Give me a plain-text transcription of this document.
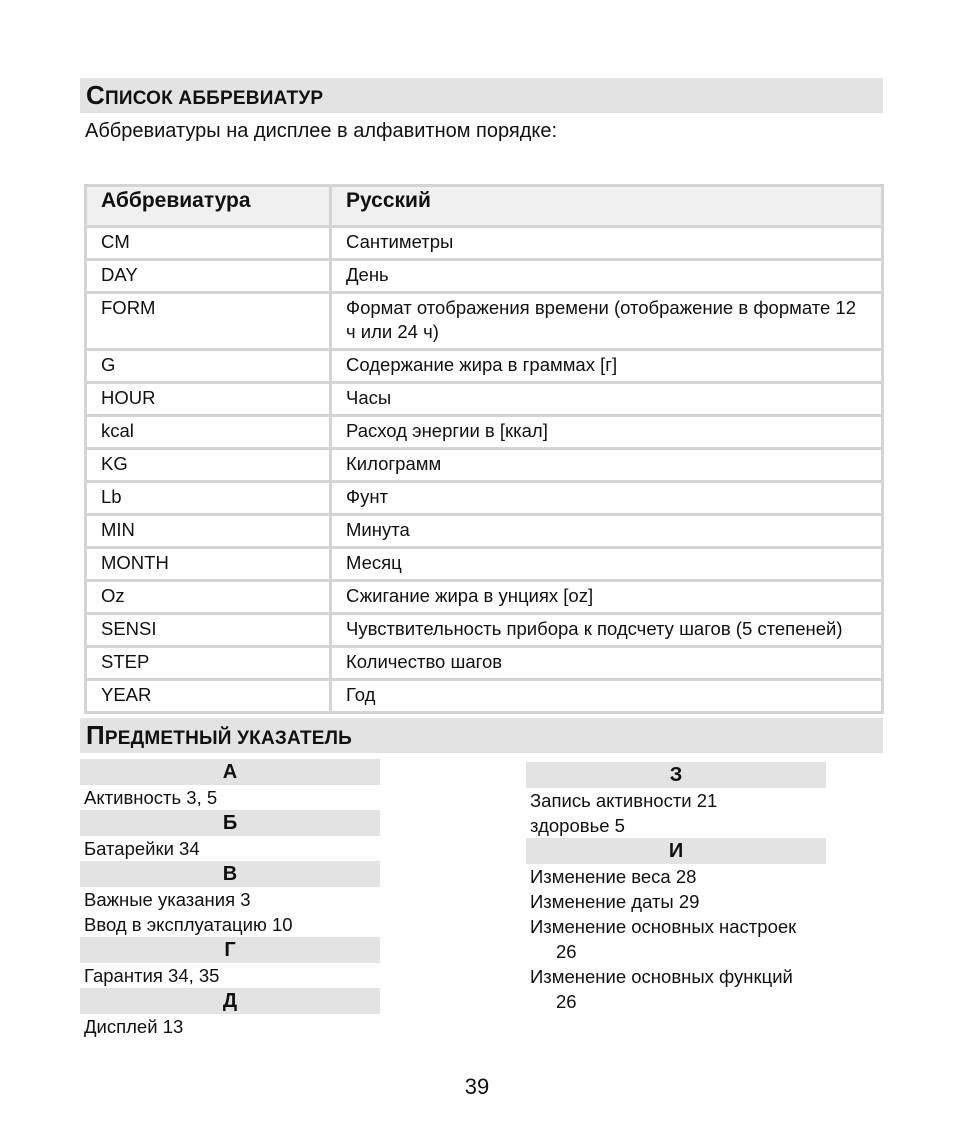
СПИСОК АББРЕВИАТУР
Аббревиатуры на дисплее в алфавитном порядке:
Аббревиатура	Русский
CM	Сантиметры
DAY	День
FORM	Формат отображения времени (отображение в формате 12 ч или 24 ч)
G	Содержание жира в граммах [г]
HOUR	Часы
kcal	Расход энергии в [ккал]
KG	Килограмм
Lb	Фунт
MIN	Минута
MONTH	Месяц
Oz	Сжигание жира в унциях [oz]
SENSI	Чувствительность прибора к подсчету шагов (5 степеней)
STEP	Количество шагов
YEAR	Год
ПРЕДМЕТНЫЙ УКАЗАТЕЛЬ
А
Активность 3, 5
Б
Батарейки 34
В
Важные указания 3
Ввод в эксплуатацию 10
Г
Гарантия 34, 35
Д
Дисплей 13
З
Запись активности 21
здоровье 5
И
Изменение веса 28
Изменение даты 29
Изменение основных настроек
26
Изменение основных функций
26
39
